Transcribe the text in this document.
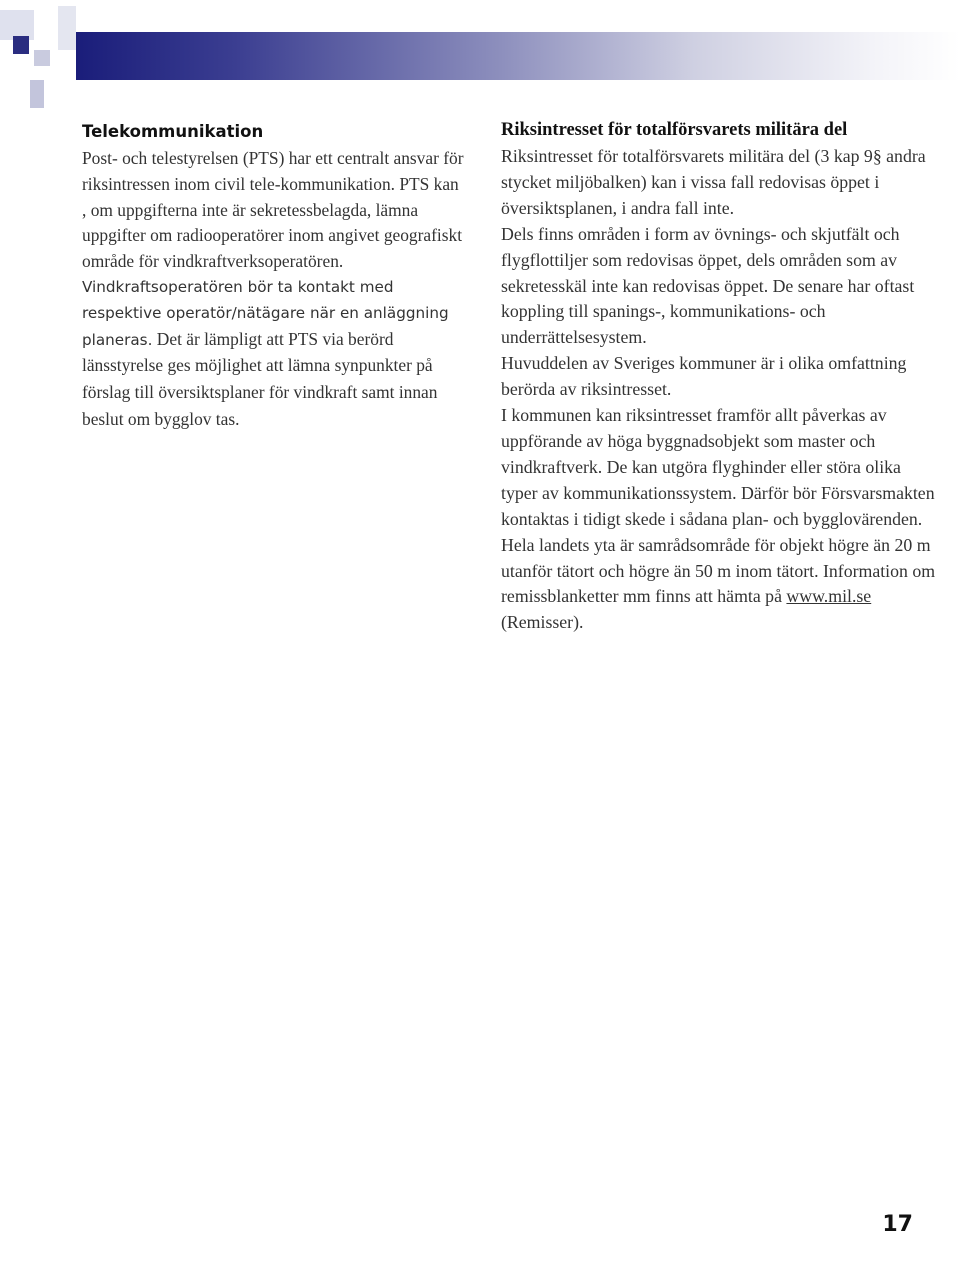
Telekommunikation

Post- och telestyrelsen (PTS) har ett centralt ansvar för riksintressen inom civil tele-kommunikation. PTS kan , om uppgifterna inte är sekretessbelagda, lämna uppgifter om radiooperatörer inom angivet geografiskt område för vindkraftverksoperatören.

Vindkraftsoperatören bör ta kontakt med respektive operatör/nätägare när en anläggning planeras. Det är lämpligt att PTS via berörd länsstyrelse ges möjlighet att lämna synpunkter på förslag till översiktsplaner för vindkraft samt innan beslut om bygglov tas.

Riksintresset för totalförsvarets militära del

Riksintresset för totalförsvarets militära del (3 kap 9§ andra stycket miljöbalken) kan i vissa fall redovisas öppet i översiktsplanen, i andra fall inte.

Dels finns områden i form av övnings- och skjutfält och flygflottiljer som redovisas öppet, dels områden som av sekretesskäl inte kan redovisas öppet. De senare har oftast koppling till spanings-, kommunikations- och underrättelsesystem.

Huvuddelen av Sveriges kommuner är i olika omfattning berörda av riksintresset.

I kommunen kan riksintresset framför allt påverkas av uppförande av höga byggnadsobjekt som master och vindkraftverk. De kan utgöra flyghinder eller störa olika typer av kommunikationssystem. Därför bör Försvarsmakten kontaktas i tidigt skede i sådana plan- och bygglovärenden. Hela landets yta är samrådsområde för objekt högre än 20 m utanför tätort och högre än 50 m inom tätort. Information om remissblanketter mm finns att hämta på www.mil.se (Remisser).

17
